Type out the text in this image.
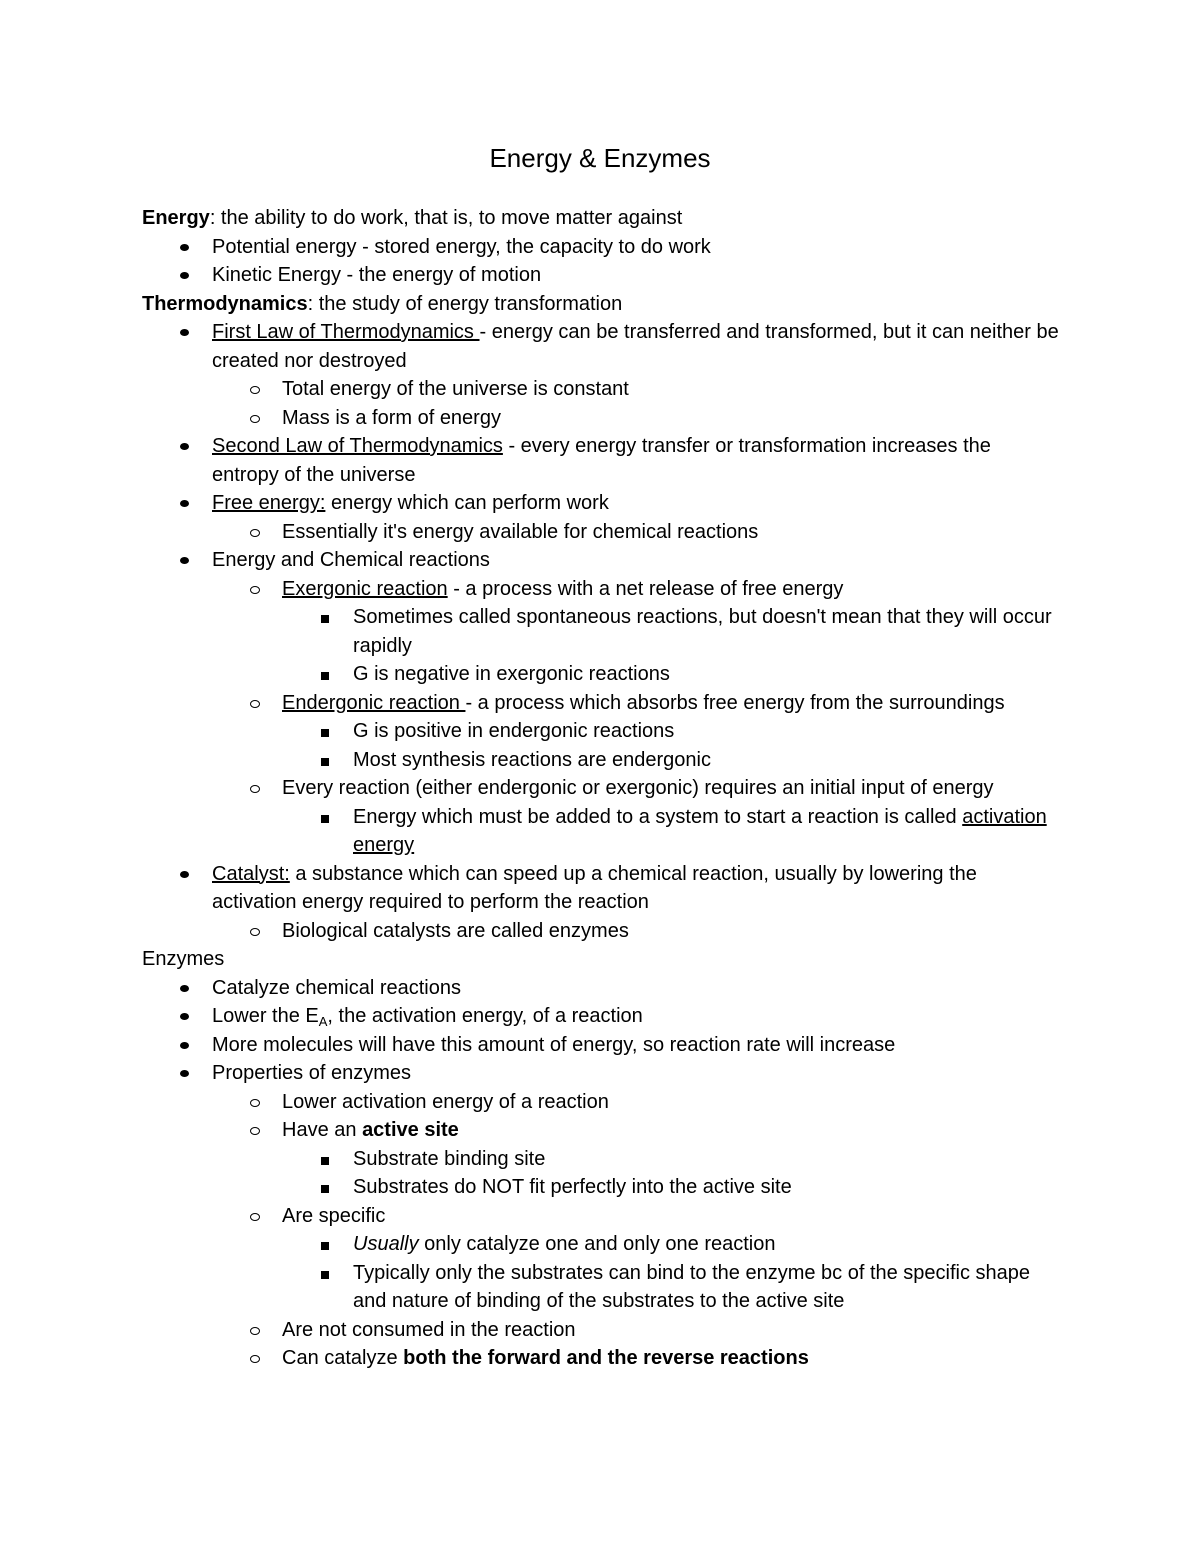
Energy & Enzymes

Energy: the ability to do work, that is, to move matter against

Potential energy - stored energy, the capacity to do work
Kinetic Energy - the energy of motion

Thermodynamics: the study of energy transformation

First Law of Thermodynamics - energy can be transferred and transformed, but it can neither be created nor destroyed
Total energy of the universe is constant
Mass is a form of energy
Second Law of Thermodynamics - every energy transfer or transformation increases the entropy of the universe
Free energy: energy which can perform work
Essentially it's energy available for chemical reactions
Energy and Chemical reactions
Exergonic reaction - a process with a net release of free energy
Sometimes called spontaneous reactions, but doesn't mean that they will occur rapidly
G is negative in exergonic reactions
Endergonic reaction - a process which absorbs free energy from the surroundings
G is positive in endergonic reactions
Most synthesis reactions are endergonic
Every reaction (either endergonic or exergonic) requires an initial input of energy
Energy which must be added to a system to start a reaction is called activation energy
Catalyst: a substance which can speed up a chemical reaction, usually by lowering the activation energy required to perform the reaction
Biological catalysts are called enzymes

Enzymes

Catalyze chemical reactions
Lower the $E_A$, the activation energy, of a reaction
More molecules will have this amount of energy, so reaction rate will increase
Properties of enzymes
Lower activation energy of a reaction
Have an active site
Substrate binding site
Substrates do NOT fit perfectly into the active site
Are specific
Usually only catalyze one and only one reaction
Typically only the substrates can bind to the enzyme bc of the specific shape and nature of binding of the substrates to the active site
Are not consumed in the reaction
Can catalyze both the forward and the reverse reactions
